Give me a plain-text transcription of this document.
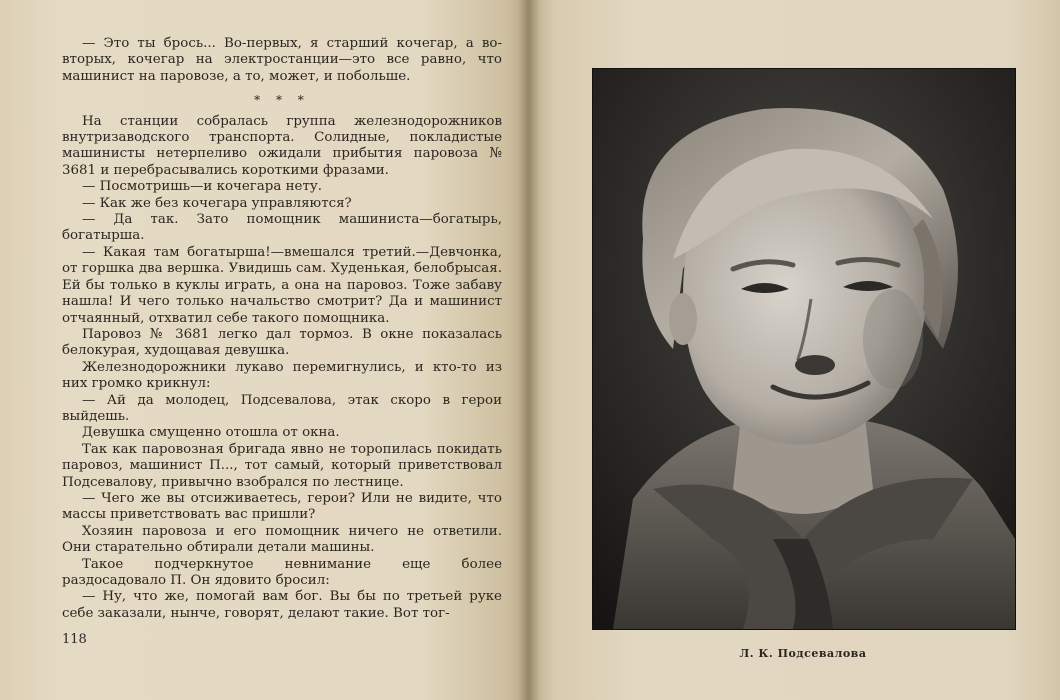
— Это ты брось... Во-первых, я старший кочегар, а во-вторых, кочегар на электростанции—это все равно, что машинист на паровозе, а то, может, и побольше.

* * *

На станции собралась группа железнодорожников внутризаводского транспорта. Солидные, покладистые машинисты нетерпеливо ожидали прибытия паровоза № 3681 и перебрасывались короткими фразами.

— Посмотришь—и кочегара нету.

— Как же без кочегара управляются?

— Да так. Зато помощник машиниста—богатырь, богатырша.

— Какая там богатырша!—вмешался третий.—Девчонка, от горшка два вершка. Увидишь сам. Худенькая, белобрысая. Ей бы только в куклы играть, а она на паровоз. Тоже забаву нашла! И чего только начальство смотрит? Да и машинист отчаянный, отхватил себе такого помощника.

Паровоз № 3681 легко дал тормоз. В окне показалась белокурая, худощавая девушка.

Железнодорожники лукаво перемигнулись, и кто-то из них громко крикнул:

— Ай да молодец, Подсевалова, этак скоро в герои выйдешь.

Девушка смущенно отошла от окна.

Так как паровозная бригада явно не торопилась покидать паровоз, машинист П..., тот самый, который приветствовал Подсевалову, привычно взобрался по лестнице.

— Чего же вы отсиживаетесь, герои? Или не видите, что массы приветствовать вас пришли?

Хозяин паровоза и его помощник ничего не ответили. Они старательно обтирали детали машины.

Такое подчеркнутое невнимание еще более раздосадовало П. Он ядовито бросил:

— Ну, что же, помогай вам бог. Вы бы по третьей руке себе заказали, нынче, говорят, делают такие. Вот тог-

118
Л. К. Подсевалова
